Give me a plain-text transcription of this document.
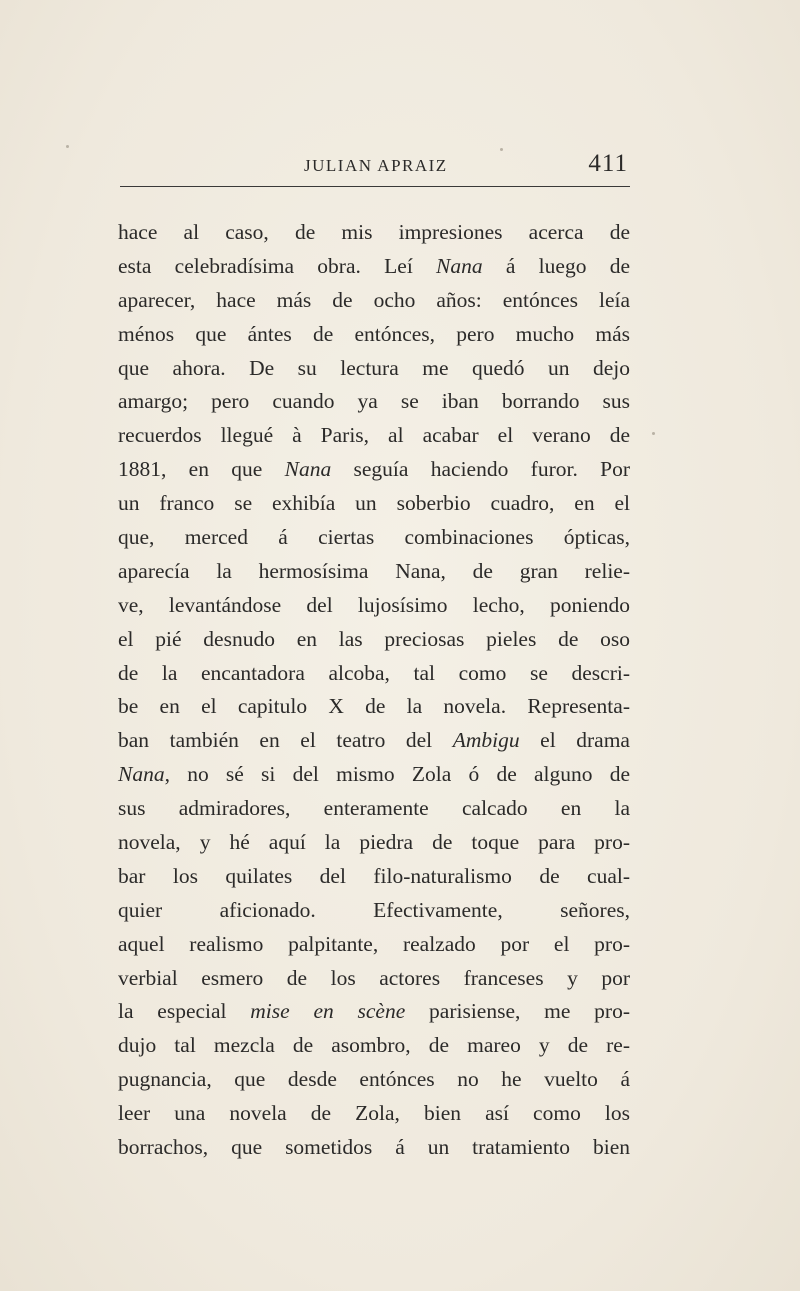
JULIAN APRAIZ	411
hace al caso, de mis impresiones acerca de
esta celebradísima obra. Leí Nana á luego de
aparecer, hace más de ocho años: entónces leía
ménos que ántes de entónces, pero mucho más
que ahora. De su lectura me quedó un dejo
amargo; pero cuando ya se iban borrando sus
recuerdos llegué à Paris, al acabar el verano de
1881, en que Nana seguía haciendo furor. Por
un franco se exhibía un soberbio cuadro, en el
que, merced á ciertas combinaciones ópticas,
aparecía la hermosísima Nana, de gran relie-
ve, levantándose del lujosísimo lecho, poniendo
el pié desnudo en las preciosas pieles de oso
de la encantadora alcoba, tal como se descri-
be en el capitulo X de la novela. Representa-
ban también en el teatro del Ambigu el drama
Nana, no sé si del mismo Zola ó de alguno de
sus admiradores, enteramente calcado en la
novela, y hé aquí la piedra de toque para pro-
bar los quilates del filo-naturalismo de cual-
quier aficionado. Efectivamente, señores,
aquel realismo palpitante, realzado por el pro-
verbial esmero de los actores franceses y por
la especial mise en scène parisiense, me pro-
dujo tal mezcla de asombro, de mareo y de re-
pugnancia, que desde entónces no he vuelto á
leer una novela de Zola, bien así como los
borrachos, que sometidos á un tratamiento bien
